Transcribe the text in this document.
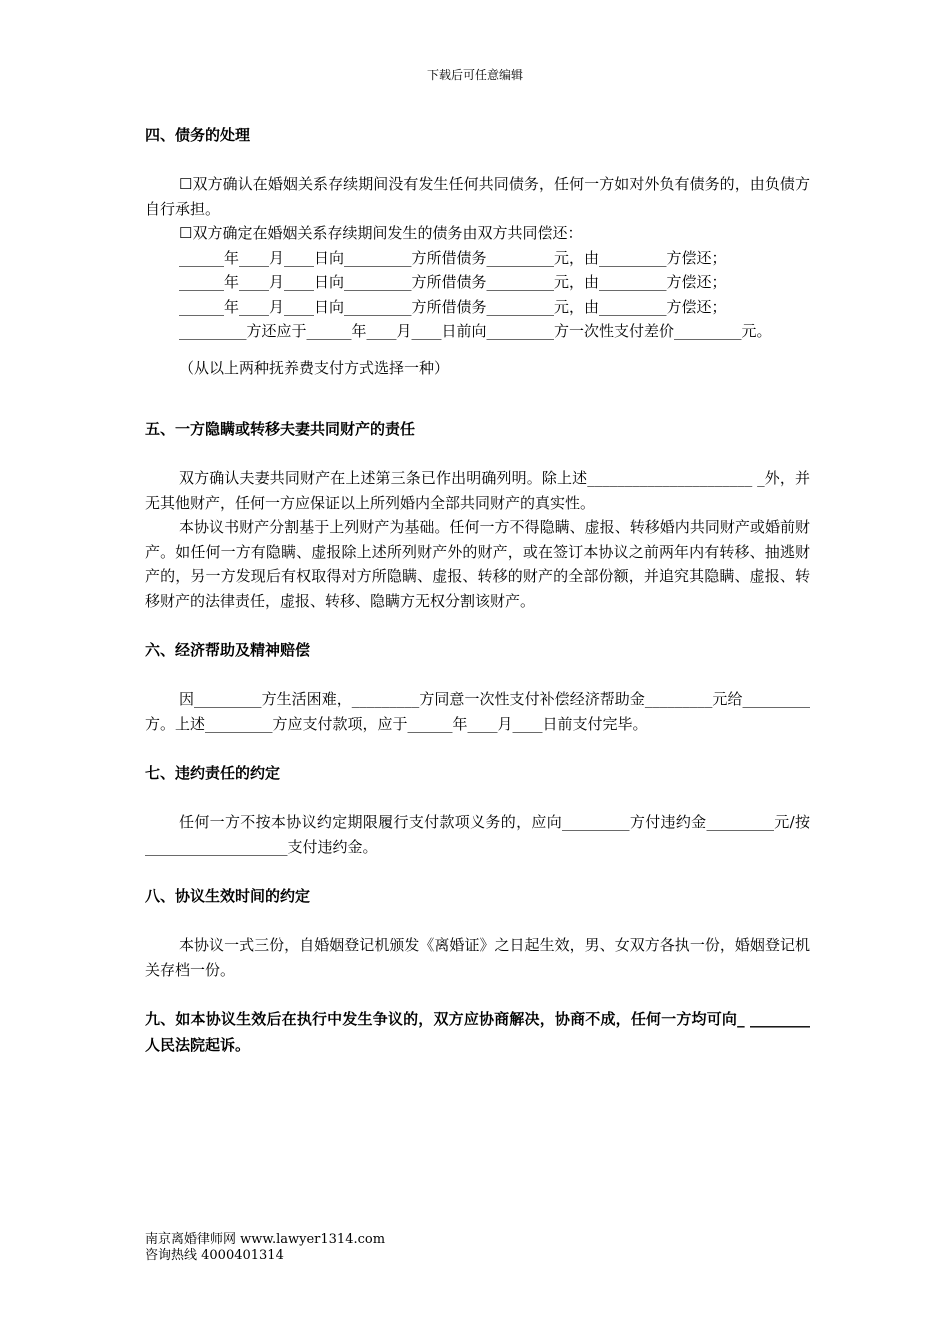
下载后可任意编辑

四、债务的处理

☐双方确认在婚姻关系存续期间没有发生任何共同债务，任何一方如对外负有债务的，由负债方自行承担。

☐双方确定在婚姻关系存续期间发生的债务由双方共同偿还：

______年____月____日向_________方所借债务_________元，由_________方偿还；

______年____月____日向_________方所借债务_________元，由_________方偿还；

______年____月____日向_________方所借债务_________元，由_________方偿还；

_________方还应于______年____月____日前向_________方一次性支付差价_________元。

（从以上两种抚养费支付方式选择一种）

五、一方隐瞒或转移夫妻共同财产的责任

双方确认夫妻共同财产在上述第三条已作出明确列明。除上述______________________ _外，并无其他财产，任何一方应保证以上所列婚内全部共同财产的真实性。

本协议书财产分割基于上列财产为基础。任何一方不得隐瞒、虚报、转移婚内共同财产或婚前财产。如任何一方有隐瞒、虚报除上述所列财产外的财产，或在签订本协议之前两年内有转移、抽逃财产的，另一方发现后有权取得对方所隐瞒、虚报、转移的财产的全部份额，并追究其隐瞒、虚报、转移财产的法律责任，虚报、转移、隐瞒方无权分割该财产。

六、经济帮助及精神赔偿

因_________方生活困难，_________方同意一次性支付补偿经济帮助金_________元给_________方。上述_________方应支付款项，应于______年____月____日前支付完毕。

七、违约责任的约定

任何一方不按本协议约定期限履行支付款项义务的，应向_________方付违约金_________元/按___________________支付违约金。

八、协议生效时间的约定

本协议一式三份，自婚姻登记机颁发《离婚证》之日起生效，男、女双方各执一份，婚姻登记机关存档一份。

九、如本协议生效后在执行中发生争议的，双方应协商解决，协商不成，任何一方均可向_ ________人民法院起诉。

南京离婚律师网 www.lawyer1314.com
咨询热线 4000401314
